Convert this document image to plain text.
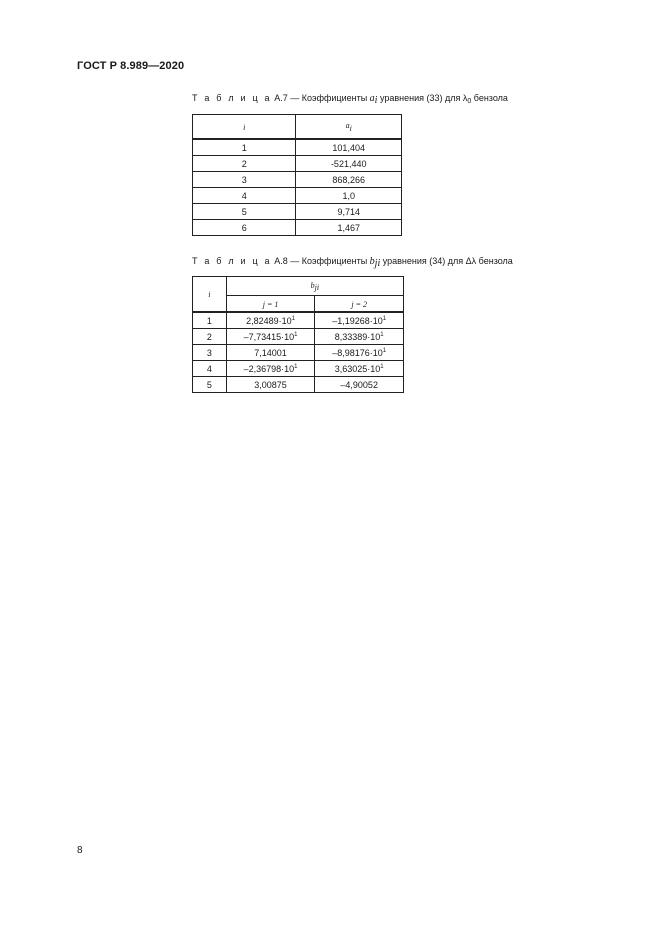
ГОСТ Р 8.989—2020
Т а б л и ц а А.7 — Коэффициенты $a_i$ уравнения (33) для $\lambda_0$ бензола
i	$a_i$
1	101,404
2	-521,440
3	868,266
4	1,0
5	9,714
6	1,467
Т а б л и ц а А.8 — Коэффициенты $b_{ji}$ уравнения (34) для Δλ бензола
i	$b_{ji}$
	j = 1	j = 2
1	$2,82489\cdot 10^1$	$-1,19268\cdot 10^1$
2	$-7,73415\cdot 10^1$	$8,33389\cdot 10^1$
3	7,14001	$-8,98176\cdot 10^1$
4	$-2,36798\cdot 10^1$	$3,63025\cdot 10^1$
5	3,00875	–4,90052
8
